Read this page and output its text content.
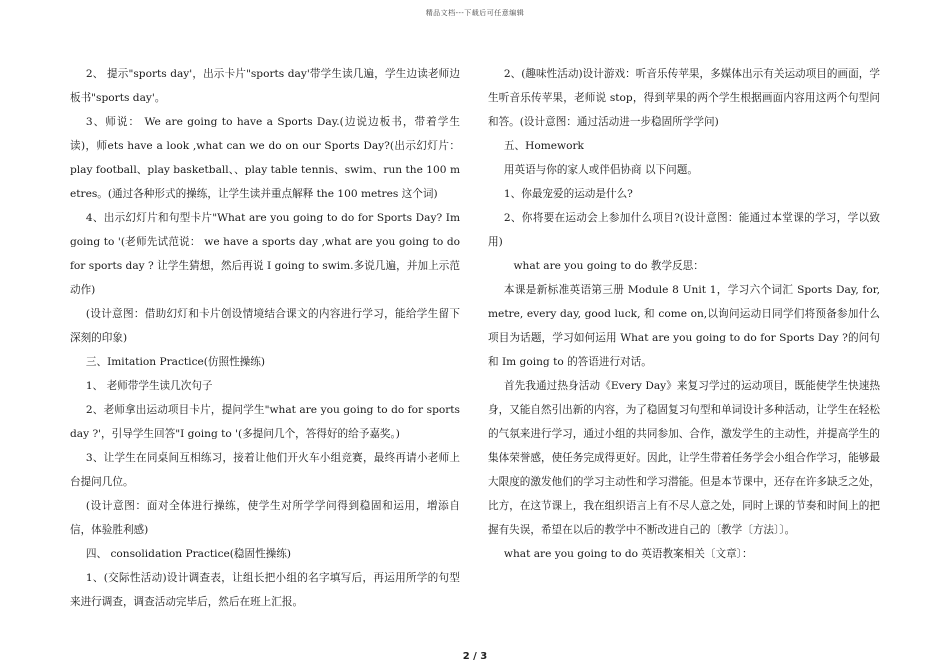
精品文档---下载后可任意编辑

2、 提示"sports day'，出示卡片"sports day'带学生读几遍，学生边读老师边板书"sports day'。

3、师说： We are going to have a Sports Day.(边说边板书，带着学生读)，师ets have a look ,what can we do on our Sports Day?(出示幻灯片： play football、play basketball、、play table tennis、swim、run the 100 metres。(通过各种形式的操练，让学生读并重点解释 the 100 metres 这个词)

4、出示幻灯片和句型卡片"What are you going to do for Sports Day? Im going to '(老师先试范说： we have a sports day ,what are you going to do for sports day ? 让学生猜想，然后再说 I going to swim.多说几遍，并加上示范动作)

(设计意图：借助幻灯和卡片创设情境结合课文的内容进行学习，能给学生留下深刻的印象)

三、Imitation Practice(仿照性操练)

1、 老师带学生读几次句子

2、老师拿出运动项目卡片，提问学生"what are you going to do for sports day ?'，引导学生回答"I going to '(多提问几个，答得好的给予嘉奖。)

3、让学生在同桌间互相练习，接着让他们开火车小组竞赛，最终再请小老师上台提问几位。

(设计意图：面对全体进行操练，使学生对所学学问得到稳固和运用，增添自信，体验胜利感)

四、 consolidation Practice(稳固性操练)

1、(交际性活动)设计调查表，让组长把小组的名字填写后，再运用所学的句型来进行调查，调查活动完毕后，然后在班上汇报。

2、(趣味性活动)设计游戏：听音乐传苹果，多媒体出示有关运动项目的画面，学生听音乐传苹果，老师说 stop，得到苹果的两个学生根据画面内容用这两个句型问和答。(设计意图：通过活动进一步稳固所学学问)

五、Homework

用英语与你的家人或伴侣协商 以下问题。

1、你最宠爱的运动是什么?

2、你将要在运动会上参加什么项目?(设计意图：能通过本堂课的学习，学以致用)

what are you going to do 教学反思：

本课是新标准英语第三册 Module 8 Unit 1，学习六个词汇 Sports Day, for, metre, every day, good luck, 和 come on,以询问运动日同学们将预备参加什么项目为话题，学习如何运用 What are you going to do for Sports Day ?的问句和 Im going to 的答语进行对话。

首先我通过热身活动《Every Day》来复习学过的运动项目，既能使学生快速热身，又能自然引出新的内容，为了稳固复习句型和单词设计多种活动，让学生在轻松的气氛来进行学习，通过小组的共同参加、合作，激发学生的主动性，并提高学生的集体荣誉感，使任务完成得更好。因此，让学生带着任务学会小组合作学习，能够最大限度的激发他们的学习主动性和学习潜能。但是本节课中，还存在许多缺乏之处，比方，在这节课上，我在组织语言上有不尽人意之处，同时上课的节奏和时间上的把握有失误，希望在以后的教学中不断改进自己的〔教学〔方法〕〕。

what are you going to do 英语教案相关〔文章〕：

2 / 3
